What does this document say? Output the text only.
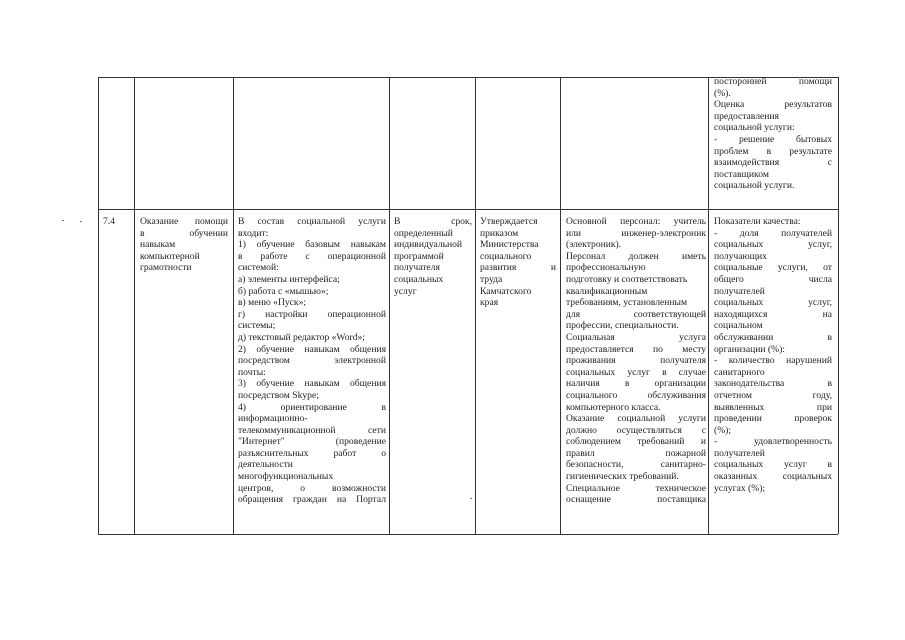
посторонней помощи
(%).
Оценка результатов
предоставления
социальной услуги:
- решение бытовых
проблем в результате
взаимодействия с
поставщиком
социальной услуги.
7.4	Оказание помощи
в обучении
навыкам
компьютерной
грамотности
В состав социальной услуги
входит:
1) обучение базовым навыкам
в работе с операционной
системой:
а) элементы интерфейса;
б) работа с «мышью»;
в) меню «Пуск»;
г) настройки операционной
системы;
д) текстовый редактор «Word»;
2) обучение навыкам общения
посредством электронной
почты:
3) обучение навыкам общения
посредством Skype;
4) ориентирование в
информационно-
телекоммуникационной сети
"Интернет" (проведение
разъяснительных работ о
деятельности
многофункциональных
центров, о возможности
обращения граждан на Портал
В срок,
определенный
индивидуальной
программой
получателя
социальных
услуг
Утверждается
приказом
Министерства
социального
развития и
труда
Камчатского
края
Основной персонал: учитель
или инженер-электроник
(электроник).
Персонал должен иметь
профессиональную
подготовку и соответствовать
квалификационным
требованиям, установленным
для соответствующей
профессии, специальности.
Социальная услуга
предоставляется по месту
проживания получателя
социальных услуг в случае
наличия в организации
социального обслуживания
компьютерного класса.
Оказание социальной услуги
должно осуществляться с
соблюдением требований и
правил пожарной
безопасности, санитарно-
гигиенических требований.
Специальное техническое
оснащение поставщика
Показатели качества:
- доля получателей
социальных услуг,
получающих
социальные услуги, от
общего числа
получателей
социальных услуг,
находящихся на
социальном
обслуживании в
организации (%):
- количество нарушений
санитарного
законодательства в
отчетном году,
выявленных при
проведении проверок
(%);
- удовлетворенность
получателей
социальных услуг в
оказанных социальных
услугах (%);
